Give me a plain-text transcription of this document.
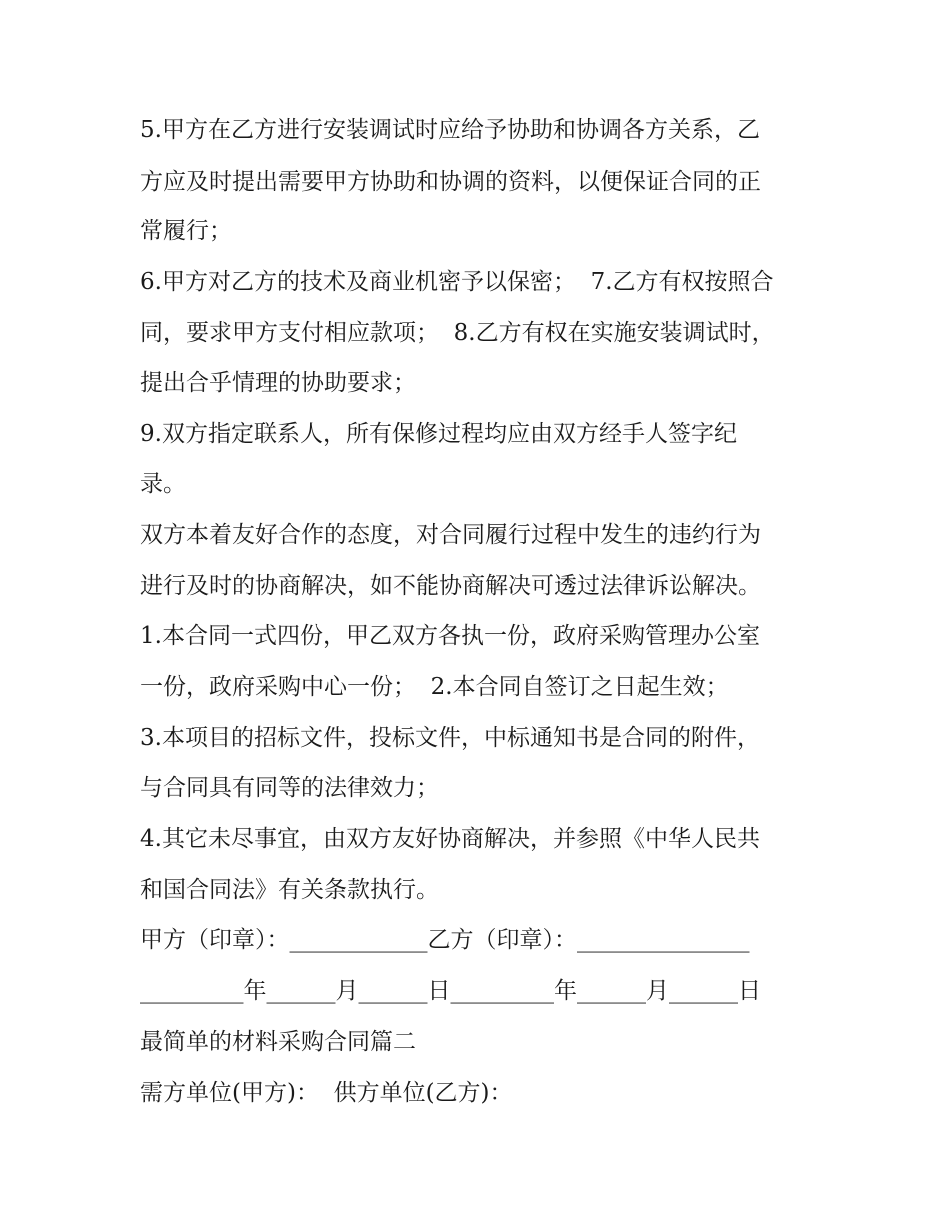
5.甲方在乙方进行安装调试时应给予协助和协调各方关系，乙
方应及时提出需要甲方协助和协调的资料，以便保证合同的正
常履行；
6.甲方对乙方的技术及商业机密予以保密；  7.乙方有权按照合
同，要求甲方支付相应款项；  8.乙方有权在实施安装调试时，
提出合乎情理的协助要求；
9.双方指定联系人，所有保修过程均应由双方经手人签字纪
录。
双方本着友好合作的态度，对合同履行过程中发生的违约行为
进行及时的协商解决，如不能协商解决可透过法律诉讼解决。
1.本合同一式四份，甲乙双方各执一份，政府采购管理办公室
一份，政府采购中心一份；  2.本合同自签订之日起生效；
3.本项目的招标文件，投标文件，中标通知书是合同的附件，
与合同具有同等的法律效力；
4.其它未尽事宜，由双方友好协商解决，并参照《中华人民共
和国合同法》有关条款执行。
甲方（印章）：____________乙方（印章）：_______________
_________年______月______日_________年______月______日
最简单的材料采购合同篇二
需方单位(甲方)：  供方单位(乙方)：
